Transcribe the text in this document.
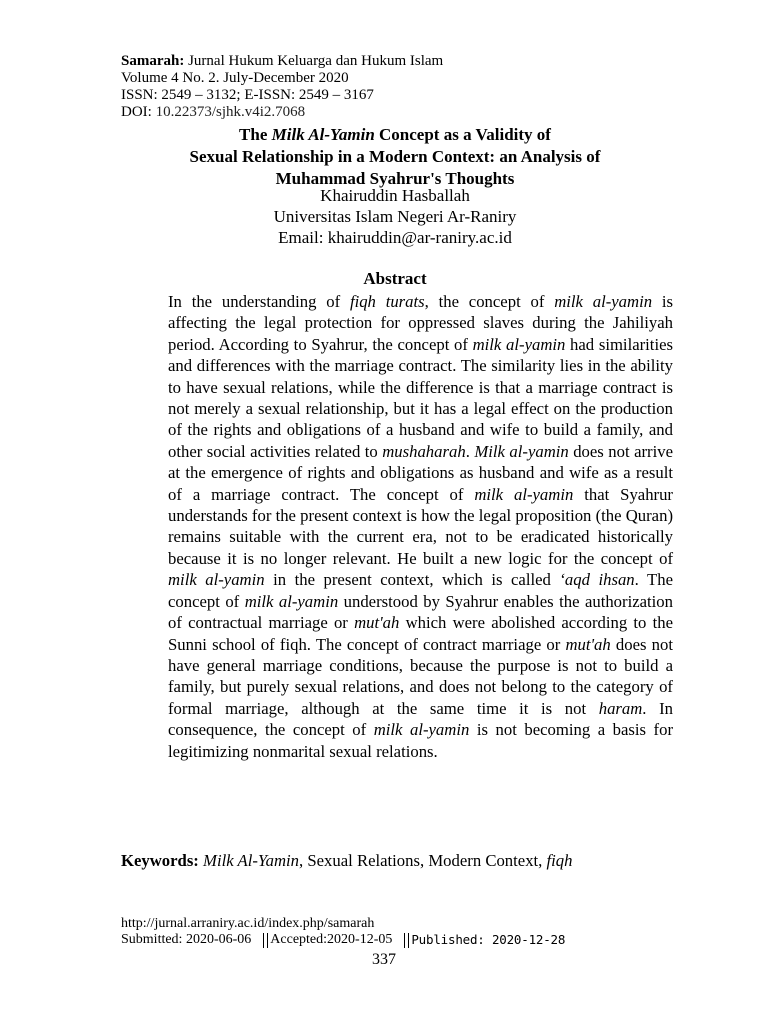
Samarah: Jurnal Hukum Keluarga dan Hukum Islam
Volume 4 No. 2. July-December 2020
ISSN: 2549 – 3132; E-ISSN: 2549 – 3167
DOI: 10.22373/sjhk.v4i2.7068
The Milk Al-Yamin Concept as a Validity of
Sexual Relationship in a Modern Context: an Analysis of
Muhammad Syahrur's Thoughts
Khairuddin Hasballah
Universitas Islam Negeri Ar-Raniry
Email: khairuddin@ar-raniry.ac.id
Abstract
In the understanding of fiqh turats, the concept of milk al-yamin is affecting the legal protection for oppressed slaves during the Jahiliyah period. According to Syahrur, the concept of milk al-yamin had similarities and differences with the marriage contract. The similarity lies in the ability to have sexual relations, while the difference is that a marriage contract is not merely a sexual relationship, but it has a legal effect on the production of the rights and obligations of a husband and wife to build a family, and other social activities related to mushaharah. Milk al-yamin does not arrive at the emergence of rights and obligations as husband and wife as a result of a marriage contract. The concept of milk al-yamin that Syahrur understands for the present context is how the legal proposition (the Quran) remains suitable with the current era, not to be eradicated historically because it is no longer relevant. He built a new logic for the concept of milk al-yamin in the present context, which is called ‘aqd ihsan. The concept of milk al-yamin understood by Syahrur enables the authorization of contractual marriage or mut'ah which were abolished according to the Sunni school of fiqh. The concept of contract marriage or mut'ah does not have general marriage conditions, because the purpose is not to build a family, but purely sexual relations, and does not belong to the category of formal marriage, although at the same time it is not haram. In consequence, the concept of milk al-yamin is not becoming a basis for legitimizing nonmarital sexual relations.
Keywords: Milk Al-Yamin, Sexual Relations, Modern Context, fiqh
http://jurnal.arraniry.ac.id/index.php/samarah
Submitted: 2020-06-06 Accepted:2020-12-05 Published: 2020-12-28
337
